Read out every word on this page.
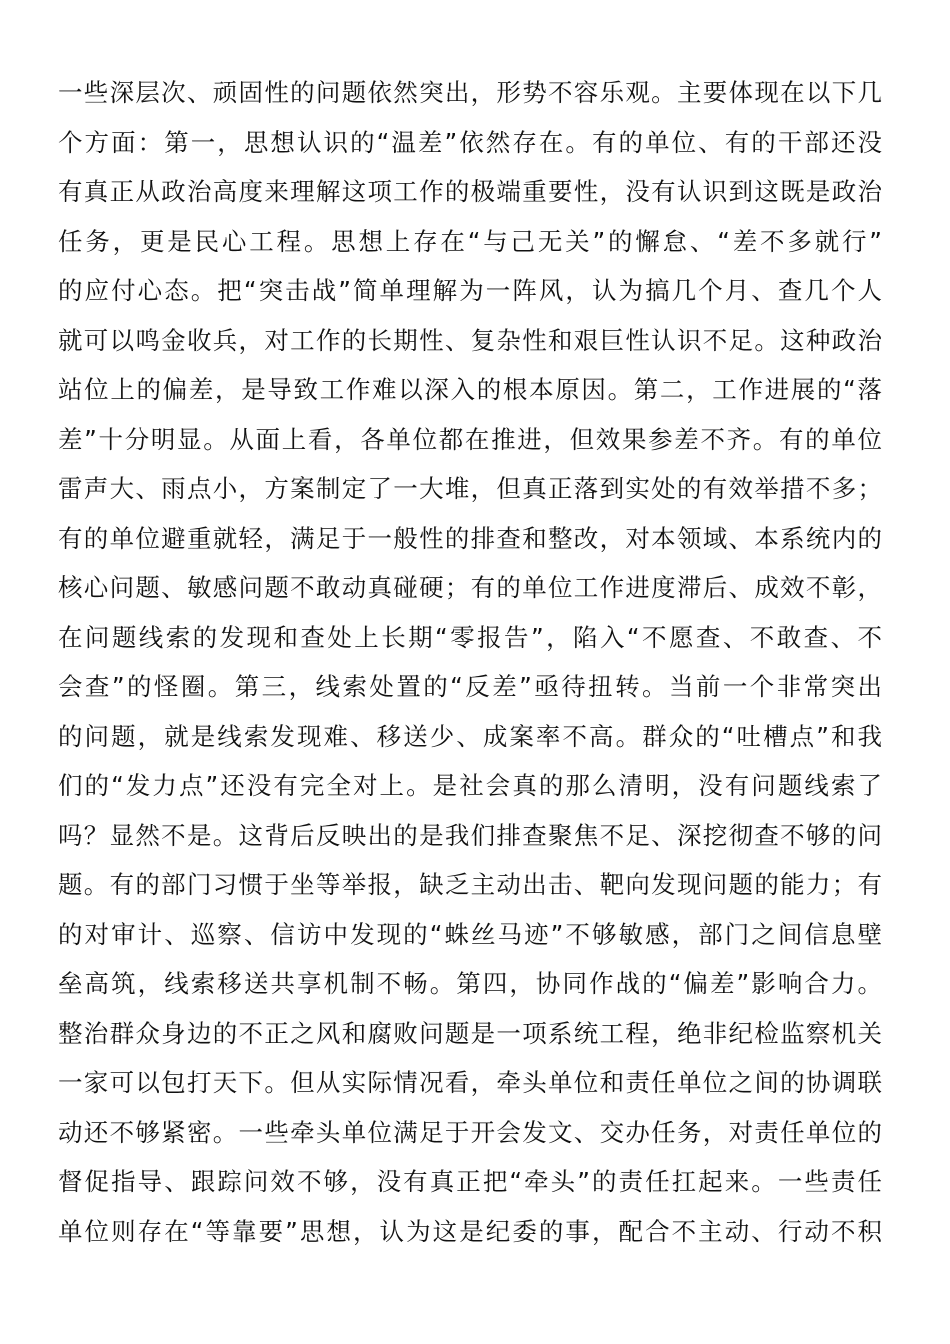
一些深层次、顽固性的问题依然突出，形势不容乐观。主要体现在以下几
个方面：第一，思想认识的“温差”依然存在。有的单位、有的干部还没
有真正从政治高度来理解这项工作的极端重要性，没有认识到这既是政治
任务，更是民心工程。思想上存在“与己无关”的懈怠、“差不多就行”
的应付心态。把“突击战”简单理解为一阵风，认为搞几个月、查几个人
就可以鸣金收兵，对工作的长期性、复杂性和艰巨性认识不足。这种政治
站位上的偏差，是导致工作难以深入的根本原因。第二，工作进展的“落
差”十分明显。从面上看，各单位都在推进，但效果参差不齐。有的单位
雷声大、雨点小，方案制定了一大堆，但真正落到实处的有效举措不多；
有的单位避重就轻，满足于一般性的排查和整改，对本领域、本系统内的
核心问题、敏感问题不敢动真碰硬；有的单位工作进度滞后、成效不彰，
在问题线索的发现和查处上长期“零报告”，陷入“不愿查、不敢查、不
会查”的怪圈。第三，线索处置的“反差”亟待扭转。当前一个非常突出
的问题，就是线索发现难、移送少、成案率不高。群众的“吐槽点”和我
们的“发力点”还没有完全对上。是社会真的那么清明，没有问题线索了
吗？显然不是。这背后反映出的是我们排查聚焦不足、深挖彻查不够的问
题。有的部门习惯于坐等举报，缺乏主动出击、靶向发现问题的能力；有
的对审计、巡察、信访中发现的“蛛丝马迹”不够敏感，部门之间信息壁
垒高筑，线索移送共享机制不畅。第四，协同作战的“偏差”影响合力。
整治群众身边的不正之风和腐败问题是一项系统工程，绝非纪检监察机关
一家可以包打天下。但从实际情况看，牵头单位和责任单位之间的协调联
动还不够紧密。一些牵头单位满足于开会发文、交办任务，对责任单位的
督促指导、跟踪问效不够，没有真正把“牵头”的责任扛起来。一些责任
单位则存在“等靠要”思想，认为这是纪委的事，配合不主动、行动不积
